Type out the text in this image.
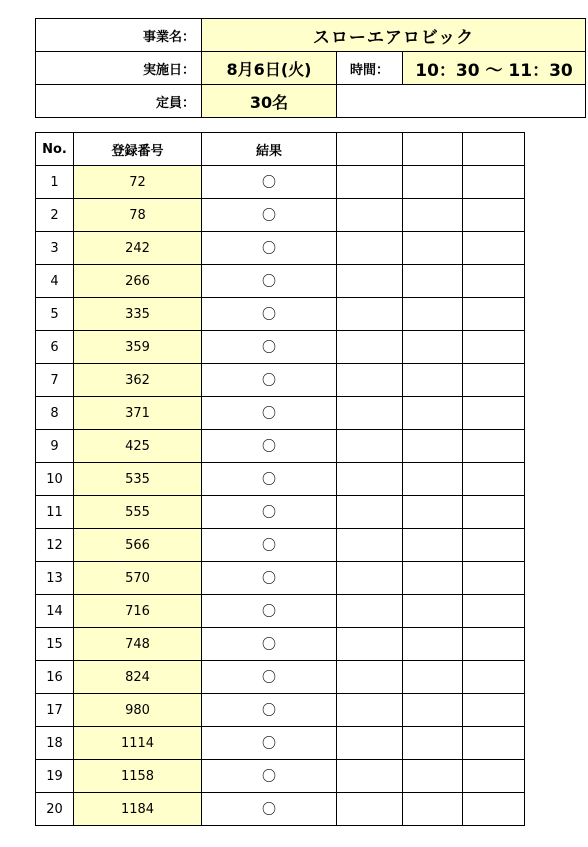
事業名：	スローエアロビック		
実施日：	8月6日(火)	時間：	10：30 ～ 11：30
定員：	30名		
No.	登録番号	結果			
1	72	〇			
2	78	〇			
3	242	〇			
4	266	〇			
5	335	〇			
6	359	〇			
7	362	〇			
8	371	〇			
9	425	〇			
10	535	〇			
11	555	〇			
12	566	〇			
13	570	〇			
14	716	〇			
15	748	〇			
16	824	〇			
17	980	〇			
18	1114	〇			
19	1158	〇			
20	1184	〇			
